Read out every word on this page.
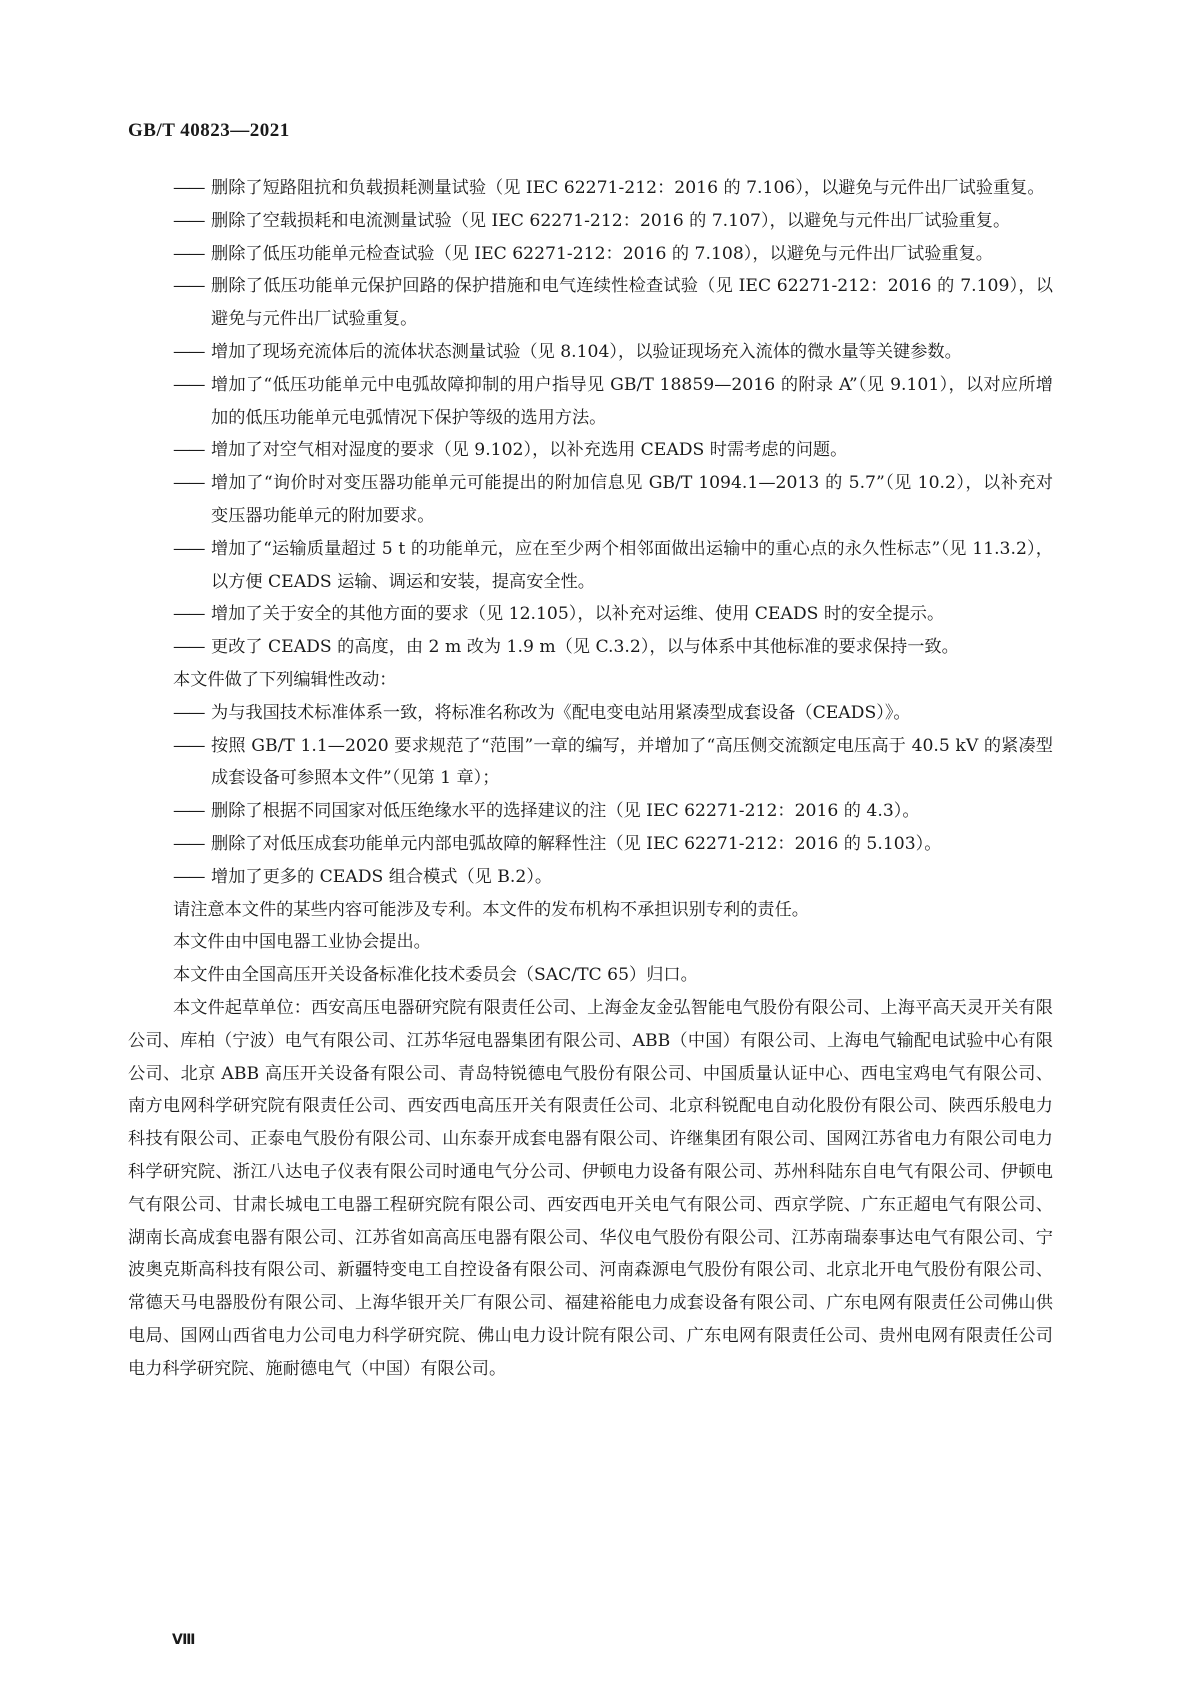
GB/T 40823—2021
—— 删除了短路阻抗和负载损耗测量试验（见 IEC 62271-212：2016 的 7.106），以避免与元件出厂试验重复。
—— 删除了空载损耗和电流测量试验（见 IEC 62271-212：2016 的 7.107），以避免与元件出厂试验重复。
—— 删除了低压功能单元检查试验（见 IEC 62271-212：2016 的 7.108），以避免与元件出厂试验重复。
—— 删除了低压功能单元保护回路的保护措施和电气连续性检查试验（见 IEC 62271-212：2016 的 7.109），以避免与元件出厂试验重复。
—— 增加了现场充流体后的流体状态测量试验（见 8.104），以验证现场充入流体的微水量等关键参数。
—— 增加了“低压功能单元中电弧故障抑制的用户指导见 GB/T 18859—2016 的附录 A”（见 9.101），以对应所增加的低压功能单元电弧情况下保护等级的选用方法。
—— 增加了对空气相对湿度的要求（见 9.102），以补充选用 CEADS 时需考虑的问题。
—— 增加了“询价时对变压器功能单元可能提出的附加信息见 GB/T 1094.1—2013 的 5.7”（见 10.2），以补充对变压器功能单元的附加要求。
—— 增加了“运输质量超过 5 t 的功能单元，应在至少两个相邻面做出运输中的重心点的永久性标志”（见 11.3.2），以方便 CEADS 运输、调运和安装，提高安全性。
—— 增加了关于安全的其他方面的要求（见 12.105），以补充对运维、使用 CEADS 时的安全提示。
—— 更改了 CEADS 的高度，由 2 m 改为 1.9 m（见 C.3.2），以与体系中其他标准的要求保持一致。
本文件做了下列编辑性改动：
—— 为与我国技术标准体系一致，将标准名称改为《配电变电站用紧凑型成套设备（CEADS）》。
—— 按照 GB/T 1.1—2020 要求规范了“范围”一章的编写，并增加了“高压侧交流额定电压高于 40.5 kV 的紧凑型成套设备可参照本文件”（见第 1 章）；
—— 删除了根据不同国家对低压绝缘水平的选择建议的注（见 IEC 62271-212：2016 的 4.3）。
—— 删除了对低压成套功能单元内部电弧故障的解释性注（见 IEC 62271-212：2016 的 5.103）。
—— 增加了更多的 CEADS 组合模式（见 B.2）。
请注意本文件的某些内容可能涉及专利。本文件的发布机构不承担识别专利的责任。
本文件由中国电器工业协会提出。
本文件由全国高压开关设备标准化技术委员会（SAC/TC 65）归口。
本文件起草单位：西安高压电器研究院有限责任公司、上海金友金弘智能电气股份有限公司、上海平高天灵开关有限公司、库柏（宁波）电气有限公司、江苏华冠电器集团有限公司、ABB（中国）有限公司、上海电气输配电试验中心有限公司、北京 ABB 高压开关设备有限公司、青岛特锐德电气股份有限公司、中国质量认证中心、西电宝鸡电气有限公司、南方电网科学研究院有限责任公司、西安西电高压开关有限责任公司、北京科锐配电自动化股份有限公司、陕西乐般电力科技有限公司、正泰电气股份有限公司、山东泰开成套电器有限公司、许继集团有限公司、国网江苏省电力有限公司电力科学研究院、浙江八达电子仪表有限公司时通电气分公司、伊顿电力设备有限公司、苏州科陆东自电气有限公司、伊顿电气有限公司、甘肃长城电工电器工程研究院有限公司、西安西电开关电气有限公司、西京学院、广东正超电气有限公司、湖南长高成套电器有限公司、江苏省如高高压电器有限公司、华仪电气股份有限公司、江苏南瑞泰事达电气有限公司、宁波奥克斯高科技有限公司、新疆特变电工自控设备有限公司、河南森源电气股份有限公司、北京北开电气股份有限公司、常德天马电器股份有限公司、上海华银开关厂有限公司、福建裕能电力成套设备有限公司、广东电网有限责任公司佛山供电局、国网山西省电力公司电力科学研究院、佛山电力设计院有限公司、广东电网有限责任公司、贵州电网有限责任公司电力科学研究院、施耐德电气（中国）有限公司。
Ⅷ
